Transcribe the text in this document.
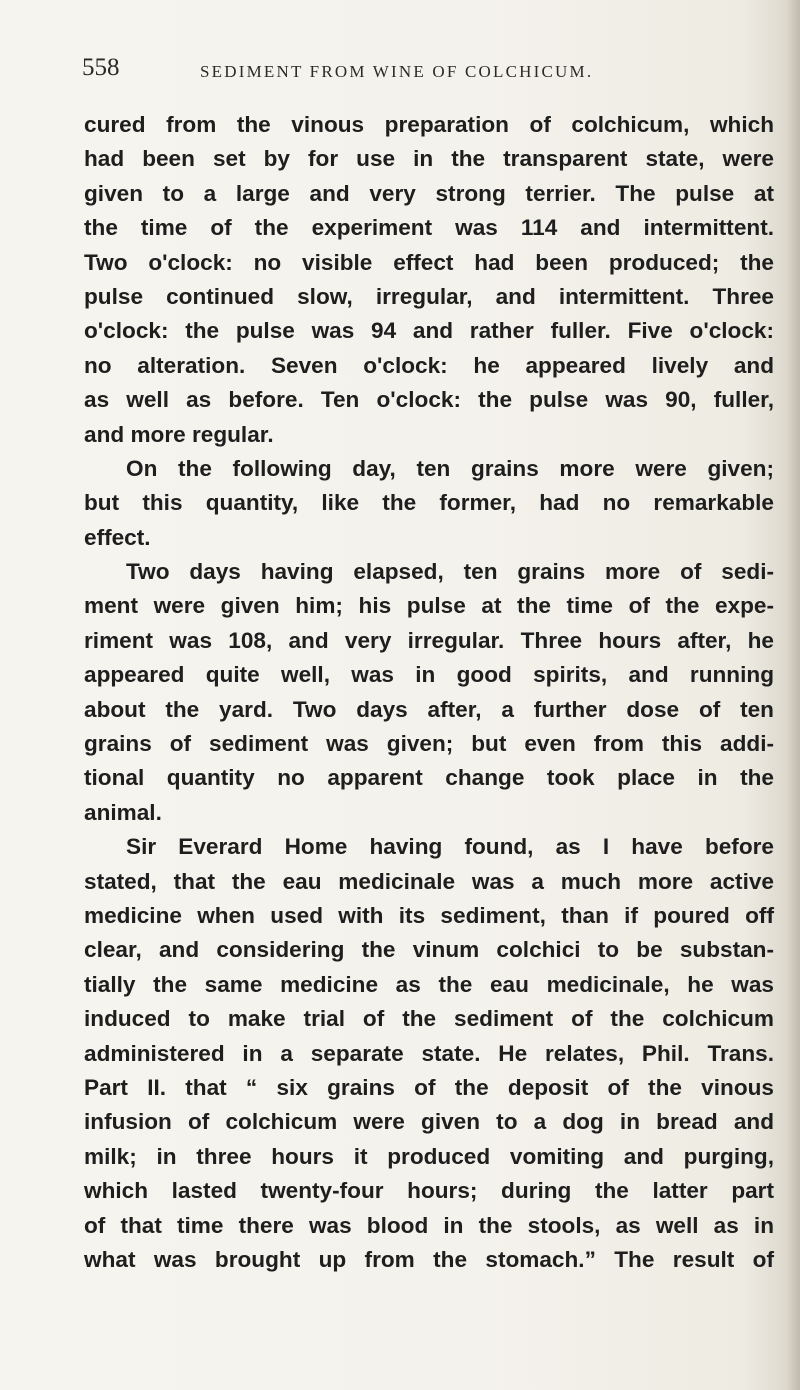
558	SEDIMENT FROM WINE OF COLCHICUM.
cured from the vinous preparation of colchicum, which
had been set by for use in the transparent state, were
given to a large and very strong terrier. The pulse at
the time of the experiment was 114 and intermittent.
Two o'clock: no visible effect had been produced; the
pulse continued slow, irregular, and intermittent. Three
o'clock: the pulse was 94 and rather fuller. Five o'clock:
no alteration. Seven o'clock: he appeared lively and
as well as before. Ten o'clock: the pulse was 90, fuller,
and more regular.
On the following day, ten grains more were given;
but this quantity, like the former, had no remarkable
effect.
Two days having elapsed, ten grains more of sedi-
ment were given him; his pulse at the time of the expe-
riment was 108, and very irregular. Three hours after, he
appeared quite well, was in good spirits, and running
about the yard. Two days after, a further dose of ten
grains of sediment was given; but even from this addi-
tional quantity no apparent change took place in the
animal.
Sir Everard Home having found, as I have before
stated, that the eau medicinale was a much more active
medicine when used with its sediment, than if poured off
clear, and considering the vinum colchici to be substan-
tially the same medicine as the eau medicinale, he was
induced to make trial of the sediment of the colchicum
administered in a separate state. He relates, Phil. Trans.
Part II. that “ six grains of the deposit of the vinous
infusion of colchicum were given to a dog in bread and
milk; in three hours it produced vomiting and purging,
which lasted twenty-four hours; during the latter part
of that time there was blood in the stools, as well as in
what was brought up from the stomach.” The result of
